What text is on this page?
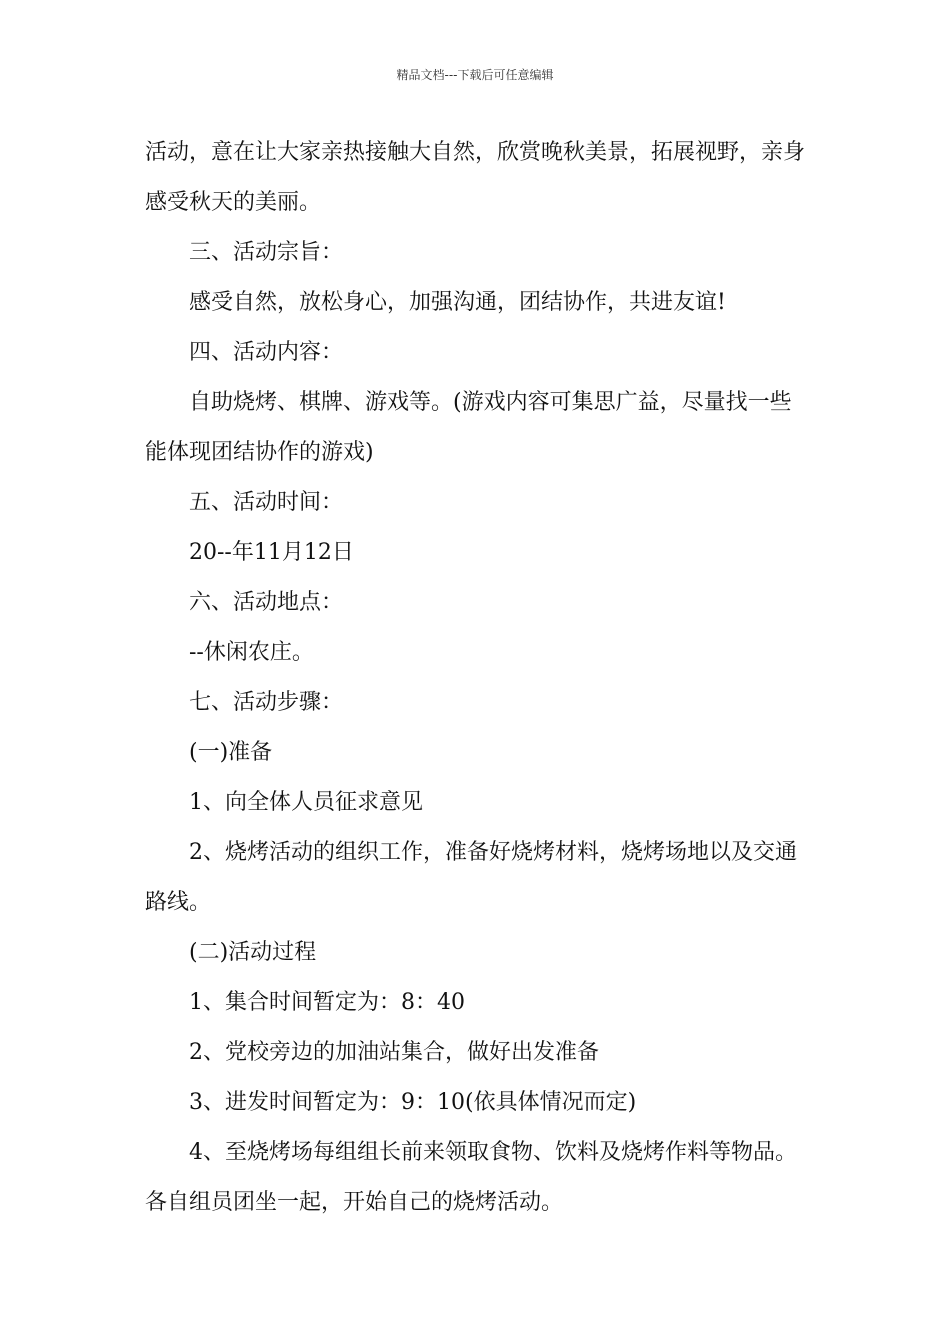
精品文档---下载后可任意编辑

活动，意在让大家亲热接触大自然，欣赏晚秋美景，拓展视野，亲身感受秋天的美丽。

三、活动宗旨：

感受自然，放松身心，加强沟通，团结协作，共进友谊!

四、活动内容：

自助烧烤、棋牌、游戏等。(游戏内容可集思广益，尽量找一些能体现团结协作的游戏)

五、活动时间：

20--年11月12日

六、活动地点：

--休闲农庄。

七、活动步骤：

(一)准备

1、向全体人员征求意见

2、烧烤活动的组织工作，准备好烧烤材料，烧烤场地以及交通路线。

(二)活动过程

1、集合时间暂定为：8：40

2、党校旁边的加油站集合，做好出发准备

3、进发时间暂定为：9：10(依具体情况而定)

4、至烧烤场每组组长前来领取食物、饮料及烧烤作料等物品。各自组员团坐一起，开始自己的烧烤活动。
